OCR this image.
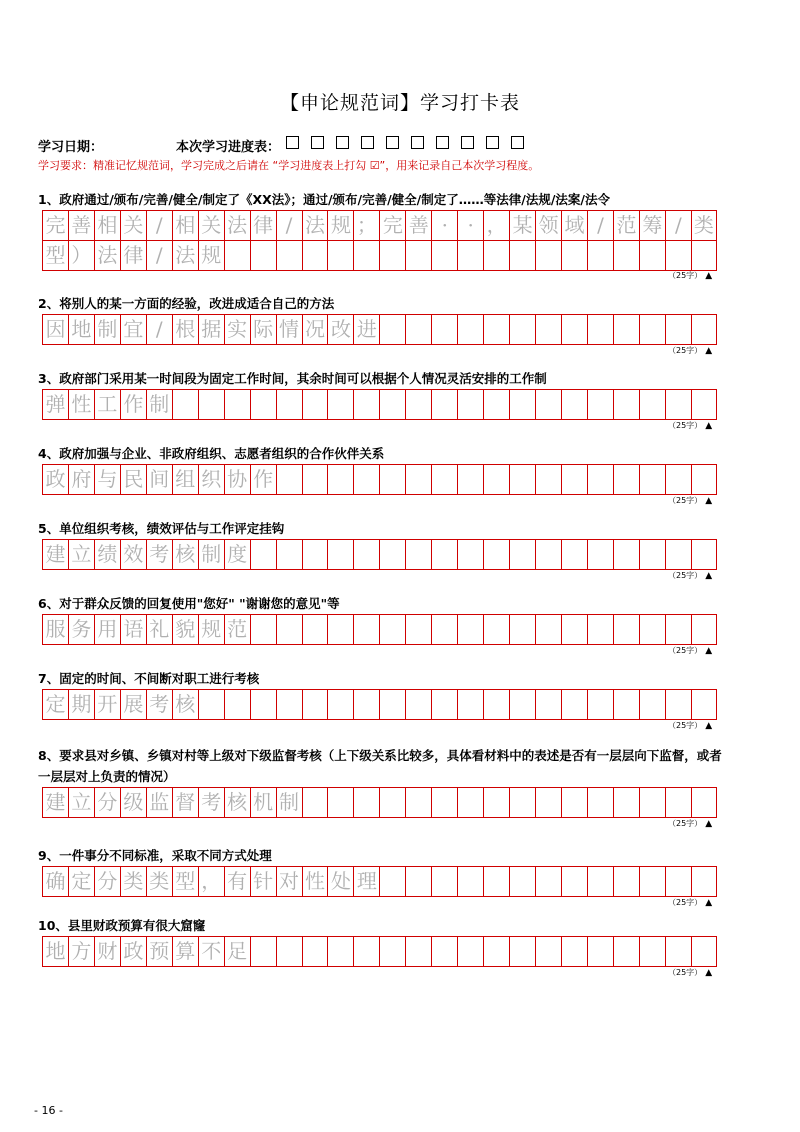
【申论规范词】学习打卡表
学习日期：	本次学习进度表：
学习要求：精准记忆规范词，学习完成之后请在 “学习进度表上打勾 ☑”，用来记录自己本次学习程度。
1、政府通过/颁布/完善/健全/制定了《XX法》；通过/颁布/完善/健全/制定了……等法律/法规/法案/法令
完 善 相 关 / 相 关 法 律 / 法 规 ； 完 善 · · ， 某 领 域 / 范 筹 / 类
型 ） 法 律 / 法 规
（25字） ▲
2、将别人的某一方面的经验，改进成适合自己的方法
因 地 制 宜 / 根 据 实 际 情 况 改 进
（25字） ▲
3、政府部门采用某一时间段为固定工作时间，其余时间可以根据个人情况灵活安排的工作制
弹 性 工 作 制
（25字） ▲
4、政府加强与企业、非政府组织、志愿者组织的合作伙伴关系
政 府 与 民 间 组 织 协 作
（25字） ▲
5、单位组织考核，绩效评估与工作评定挂钩
建 立 绩 效 考 核 制 度
（25字） ▲
6、对于群众反馈的回复使用"您好" "谢谢您的意见"等
服 务 用 语 礼 貌 规 范
（25字） ▲
7、固定的时间、不间断对职工进行考核
定 期 开 展 考 核
（25字） ▲
8、要求县对乡镇、乡镇对村等上级对下级监督考核（上下级关系比较多，具体看材料中的表述是否有一层层向下监督，或者一层层对上负责的情况）
建 立 分 级 监 督 考 核 机 制
（25字） ▲
9、一件事分不同标准，采取不同方式处理
确 定 分 类 类 型 ， 有 针 对 性 处 理
（25字） ▲
10、县里财政预算有很大窟窿
地 方 财 政 预 算 不 足
（25字） ▲
- 16 -
